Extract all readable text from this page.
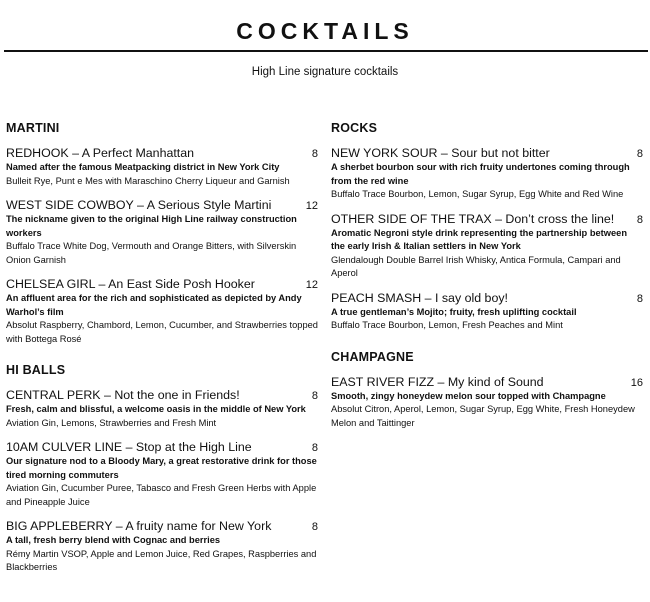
COCKTAILS
High Line signature cocktails
MARTINI
REDHOOK – A Perfect Manhattan	8
Named after the famous Meatpacking district in New York City
Bulleit Rye, Punt e Mes with Maraschino Cherry Liqueur and Garnish
WEST SIDE COWBOY – A Serious Style Martini	12
The nickname given to the original High Line railway construction workers
Buffalo Trace White Dog, Vermouth and Orange Bitters, with Silverskin Onion Garnish
CHELSEA GIRL – An East Side Posh Hooker	12
An affluent area for the rich and sophisticated as depicted by Andy Warhol’s film
Absolut Raspberry, Chambord, Lemon, Cucumber, and Strawberries topped with Bottega Rosé
HI BALLS
CENTRAL PERK – Not the one in Friends!	8
Fresh, calm and blissful, a welcome oasis in the middle of New York
Aviation Gin, Lemons, Strawberries and Fresh Mint
10AM CULVER LINE – Stop at the High Line	8
Our signature nod to a Bloody Mary, a great restorative drink for those tired morning commuters
Aviation Gin, Cucumber Puree, Tabasco and Fresh Green Herbs with Apple and Pineapple Juice
BIG APPLEBERRY – A fruity name for New York	8
A tall, fresh berry blend with Cognac and berries
Rémy Martin VSOP, Apple and Lemon Juice, Red Grapes, Raspberries and Blackberries
ROCKS
NEW YORK SOUR – Sour but not bitter	8
A sherbet bourbon sour with rich fruity undertones coming through from the red wine
Buffalo Trace Bourbon, Lemon, Sugar Syrup, Egg White and Red Wine
OTHER SIDE OF THE TRAX – Don’t cross the line!	8
Aromatic Negroni style drink representing the partnership between the early Irish & Italian settlers in New York
Glendalough Double Barrel Irish Whisky, Antica Formula, Campari and Aperol
PEACH SMASH – I say old boy!	8
A true gentleman’s Mojito; fruity, fresh uplifting cocktail
Buffalo Trace Bourbon, Lemon, Fresh Peaches and Mint
CHAMPAGNE
EAST RIVER FIZZ – My kind of Sound	16
Smooth, zingy honeydew melon sour topped with Champagne
Absolut Citron, Aperol, Lemon, Sugar Syrup, Egg White, Fresh Honeydew Melon and Taittinger
